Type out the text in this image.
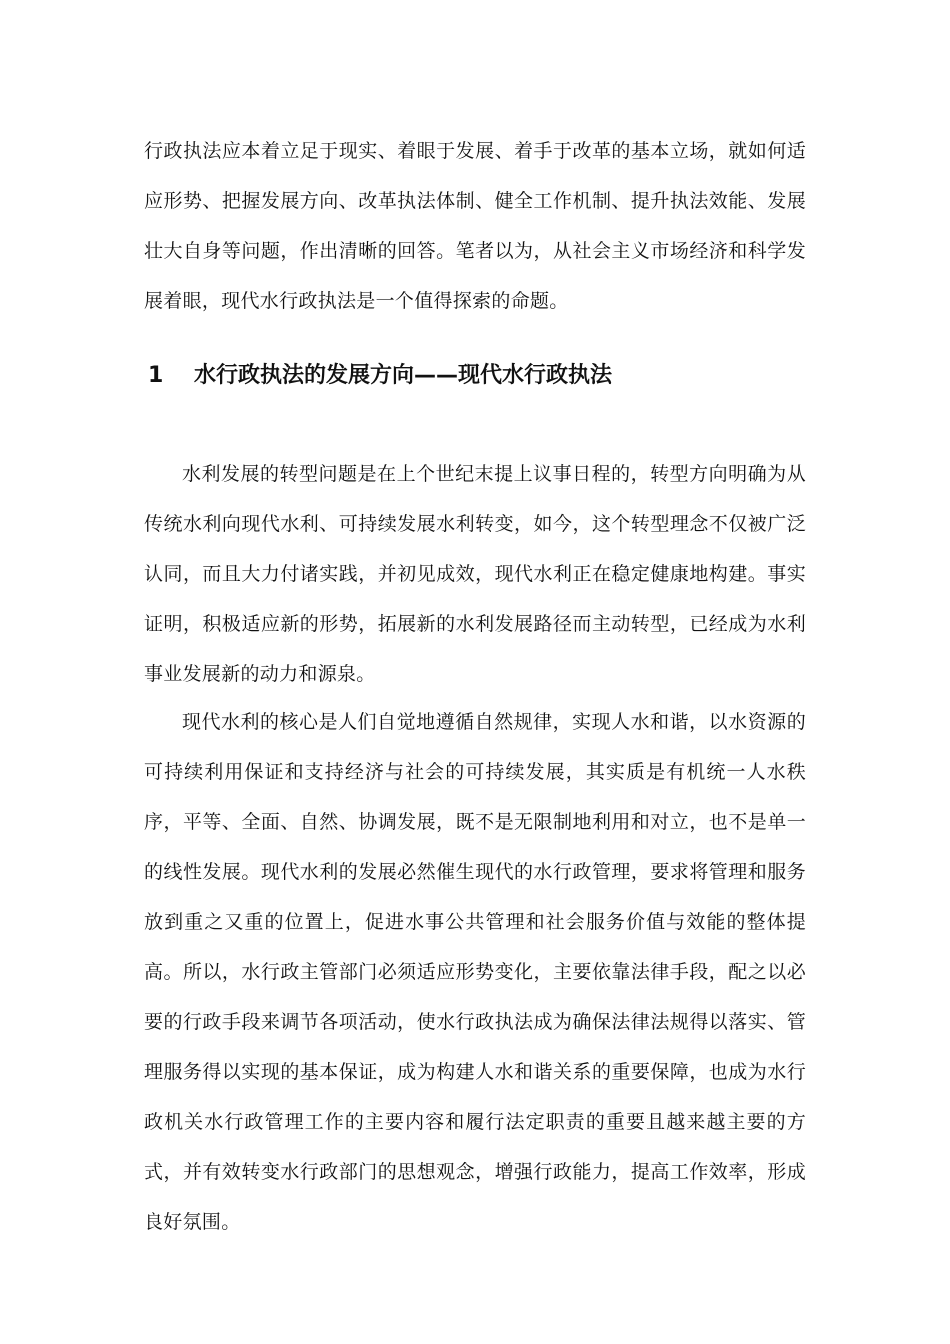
行政执法应本着立足于现实、着眼于发展、着手于改革的基本立场，就如何适应形势、把握发展方向、改革执法体制、健全工作机制、提升执法效能、发展壮大自身等问题，作出清晰的回答。笔者以为，从社会主义市场经济和科学发展着眼，现代水行政执法是一个值得探索的命题。

1 水行政执法的发展方向——现代水行政执法

水利发展的转型问题是在上个世纪末提上议事日程的，转型方向明确为从传统水利向现代水利、可持续发展水利转变，如今，这个转型理念不仅被广泛认同，而且大力付诸实践，并初见成效，现代水利正在稳定健康地构建。事实证明，积极适应新的形势，拓展新的水利发展路径而主动转型，已经成为水利事业发展新的动力和源泉。

现代水利的核心是人们自觉地遵循自然规律，实现人水和谐，以水资源的可持续利用保证和支持经济与社会的可持续发展，其实质是有机统一人水秩序，平等、全面、自然、协调发展，既不是无限制地利用和对立，也不是单一的线性发展。现代水利的发展必然催生现代的水行政管理，要求将管理和服务放到重之又重的位置上，促进水事公共管理和社会服务价值与效能的整体提高。所以，水行政主管部门必须适应形势变化，主要依靠法律手段，配之以必要的行政手段来调节各项活动，使水行政执法成为确保法律法规得以落实、管理服务得以实现的基本保证，成为构建人水和谐关系的重要保障，也成为水行政机关水行政管理工作的主要内容和履行法定职责的重要且越来越主要的方式，并有效转变水行政部门的思想观念，增强行政能力，提高工作效率，形成良好氛围。
